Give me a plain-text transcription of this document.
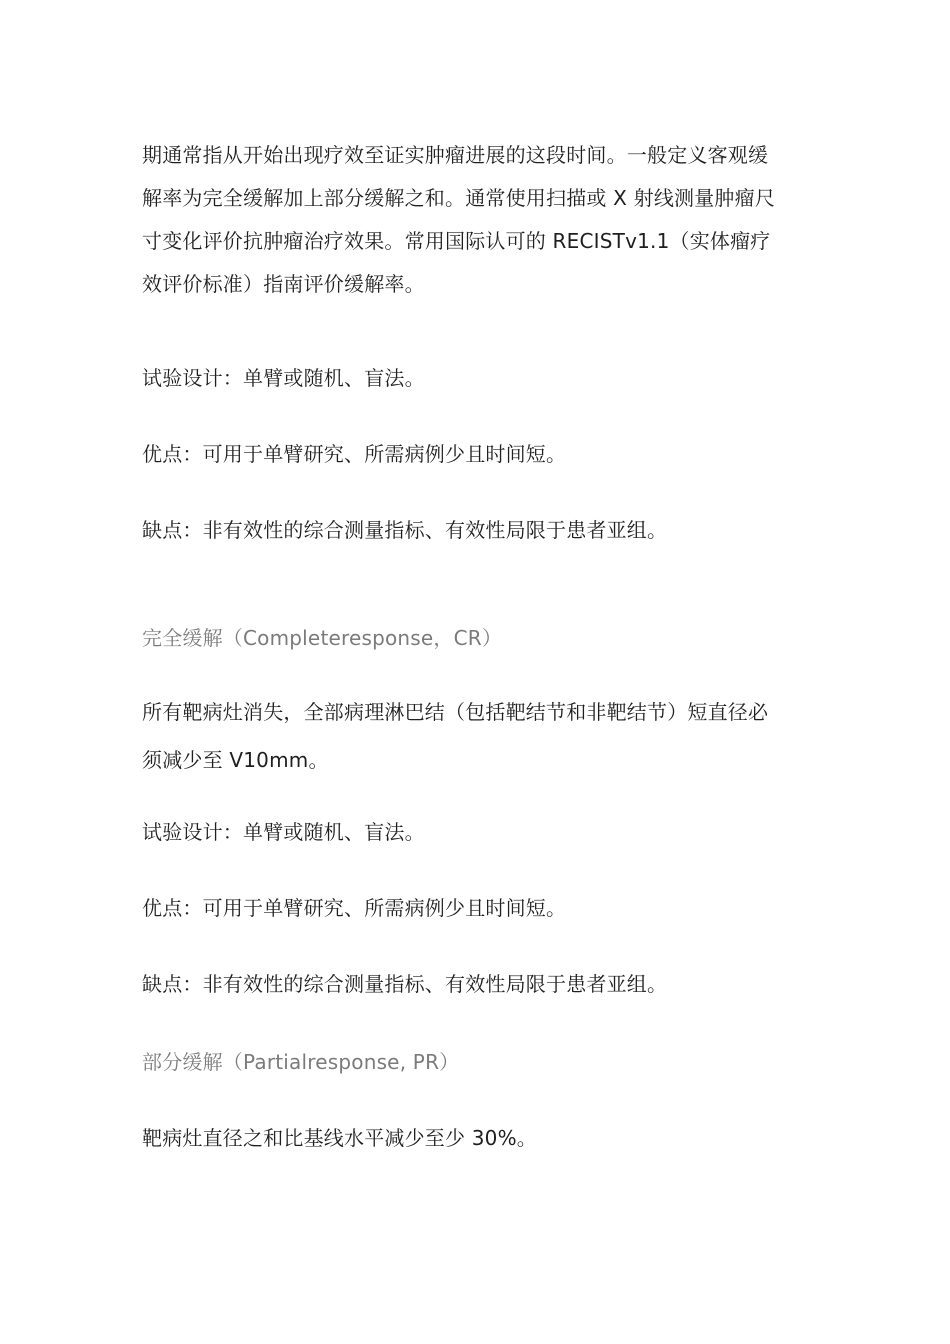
期通常指从开始出现疗效至证实肿瘤进展的这段时间。一般定义客观缓
解率为完全缓解加上部分缓解之和。通常使用扫描或 X 射线测量肿瘤尺
寸变化评价抗肿瘤治疗效果。常用国际认可的 RECISTv1.1（实体瘤疗
效评价标准）指南评价缓解率。

试验设计：单臂或随机、盲法。

优点：可用于单臂研究、所需病例少且时间短。

缺点：非有效性的综合测量指标、有效性局限于患者亚组。

完全缓解（Completeresponse，CR）

所有靶病灶消失，全部病理淋巴结（包括靶结节和非靶结节）短直径必
须减少至 V10mm。

试验设计：单臂或随机、盲法。

优点：可用于单臂研究、所需病例少且时间短。

缺点：非有效性的综合测量指标、有效性局限于患者亚组。

部分缓解（Partialresponse, PR）

靶病灶直径之和比基线水平减少至少 30%。
